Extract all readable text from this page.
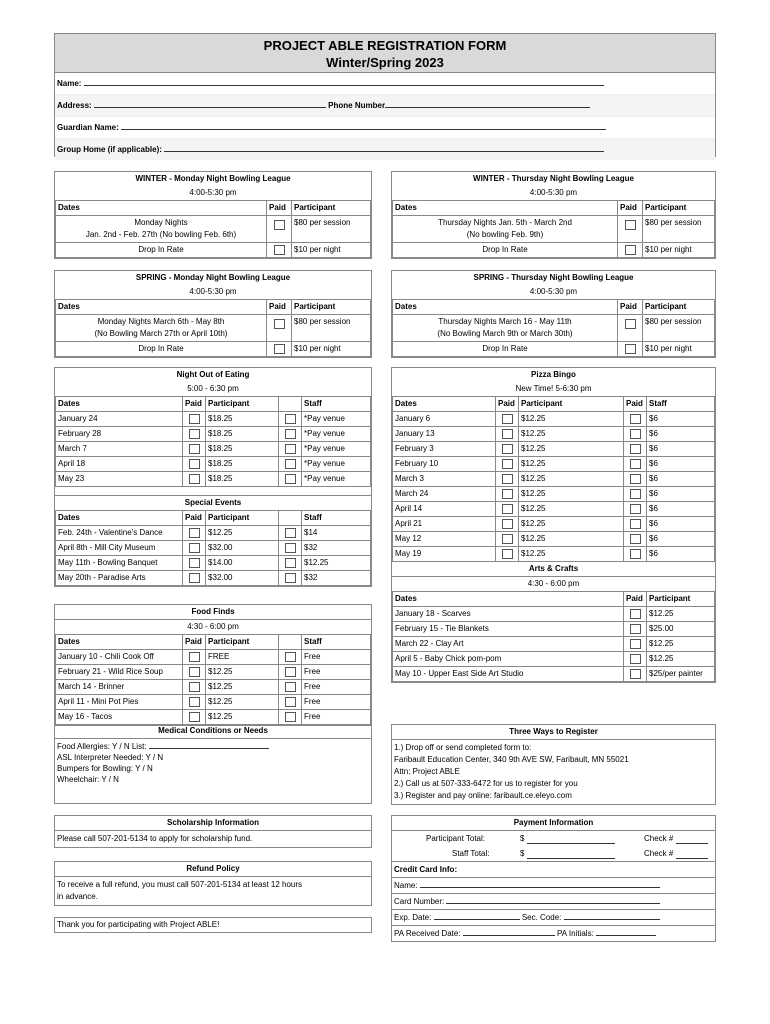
PROJECT ABLE REGISTRATION FORM
Winter/Spring 2023
Name:
Address:	Phone Number
Guardian Name:
Group Home (if applicable):
WINTER - Monday Night Bowling League
4:00-5:30 pm
Dates	Paid	Participant
Monday Nights
Jan. 2nd - Feb. 27th (No bowling Feb. 6th)		$80 per session
Drop In Rate		$10 per night
WINTER - Thursday Night Bowling League
4:00-5:30 pm
Dates	Paid	Participant
Thursday Nights Jan. 5th - March 2nd
(No bowling Feb. 9th)		$80 per session
Drop In Rate		$10 per night
SPRING - Monday Night Bowling League
4:00-5:30 pm
Dates	Paid	Participant
Monday Nights March 6th - May 8th
(No Bowling March 27th or April 10th)		$80 per session
Drop In Rate		$10 per night
SPRING - Thursday Night Bowling League
4:00-5:30 pm
Dates	Paid	Participant
Thursday Nights March 16 - May 11th
(No Bowling March 9th or March 30th)		$80 per session
Drop In Rate		$10 per night
Night Out of Eating
5:00 - 6:30 pm
Dates	Paid	Participant		Staff
January 24		$18.25		*Pay venue
February 28		$18.25		*Pay venue
March 7		$18.25		*Pay venue
April 18		$18.25		*Pay venue
May 23		$18.25		*Pay venue
Special Events
Dates	Paid	Participant		Staff
Feb. 24th - Valentine's Dance		$12.25		$14
April 8th - Mill City Museum		$32.00		$32
May 11th - Bowling Banquet		$14.00		$12.25
May 20th - Paradise Arts		$32.00		$32
Food Finds
4:30 - 6:00 pm
Dates	Paid	Participant		Staff
January 10 - Chili Cook Off		FREE		Free
February 21 - Wild Rice Soup		$12.25		Free
March 14 - Brinner		$12.25		Free
April 11 - Mini Pot Pies		$12.25		Free
May 16 - Tacos		$12.25		Free
Medical Conditions or Needs
Food Allergies: Y / N List:
ASL Interpreter Needed: Y / N
Bumpers for Bowling: Y / N
Wheelchair: Y / N
Pizza Bingo
New Time! 5-6:30 pm
Dates	Paid	Participant	Paid	Staff
January 6		$12.25		$6
January 13		$12.25		$6
February 3		$12.25		$6
February 10		$12.25		$6
March 3		$12.25		$6
March 24		$12.25		$6
April 14		$12.25		$6
April 21		$12.25		$6
May 12		$12.25		$6
May 19		$12.25		$6
Arts & Crafts
4:30 - 6:00 pm
Dates	Paid	Participant
January 18 - Scarves		$12.25
February 15 - Tie Blankets		$25.00
March 22 - Clay Art		$12.25
April 5 - Baby Chick pom-pom		$12.25
May 10 - Upper East Side Art Studio		$25/per painter
Three Ways to Register
1.) Drop off or send completed form to:
Faribault Education Center, 340 9th AVE SW, Faribault, MN 55021
Attn: Project ABLE
2.) Call us at 507-333-6472 for us to register for you
3.) Register and pay online: faribault.ce.eleyo.com
Scholarship Information
Please call 507-201-5134 to apply for scholarship fund.
Refund Policy
To receive a full refund, you must call 507-201-5134 at least 12 hours
in advance.
Thank you for participating with Project ABLE!
Payment Information
Participant Total:	$	Check #
Staff Total:	$	Check #
Credit Card Info:
Name:
Card Number:
Exp. Date:	Sec. Code:
PA Received Date:	PA Initials:
